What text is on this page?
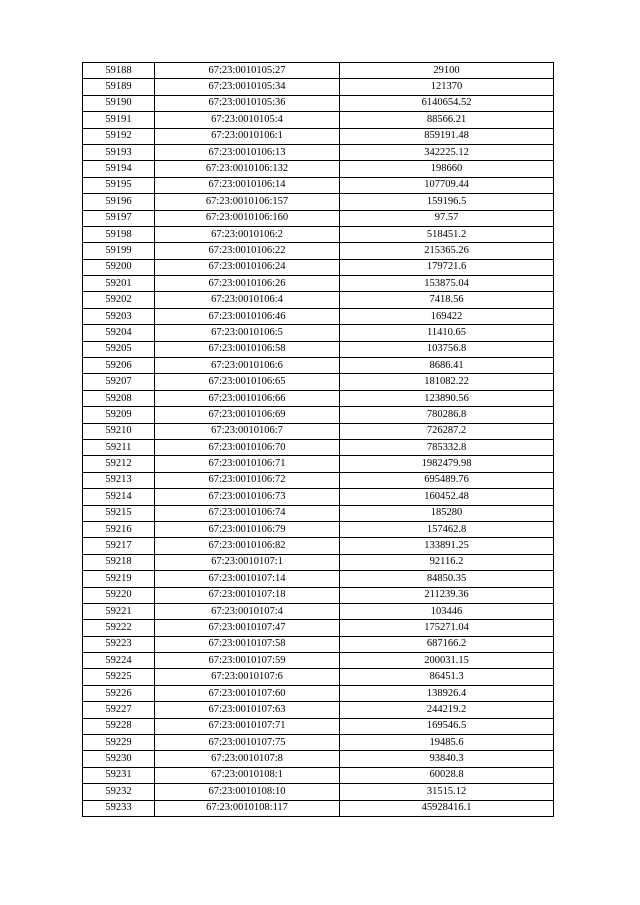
59188	67:23:0010105:27	29100
59189	67:23:0010105:34	121370
59190	67:23:0010105:36	6140654.52
59191	67:23:0010105:4	88566.21
59192	67:23:0010106:1	859191.48
59193	67:23:0010106:13	342225.12
59194	67:23:0010106:132	198660
59195	67:23:0010106:14	107709.44
59196	67:23:0010106:157	159196.5
59197	67:23:0010106:160	97.57
59198	67:23:0010106:2	518451.2
59199	67:23:0010106:22	215365.26
59200	67:23:0010106:24	179721.6
59201	67:23:0010106:26	153875.04
59202	67:23:0010106:4	7418.56
59203	67:23:0010106:46	169422
59204	67:23:0010106:5	11410.65
59205	67:23:0010106:58	103756.8
59206	67:23:0010106:6	8686.41
59207	67:23:0010106:65	181082.22
59208	67:23:0010106:66	123890.56
59209	67:23:0010106:69	780286.8
59210	67:23:0010106:7	726287.2
59211	67:23:0010106:70	785332.8
59212	67:23:0010106:71	1982479.98
59213	67:23:0010106:72	695489.76
59214	67:23:0010106:73	160452.48
59215	67:23:0010106:74	185280
59216	67:23:0010106:79	157462.8
59217	67:23:0010106:82	133891.25
59218	67:23:0010107:1	92116.2
59219	67:23:0010107:14	84850.35
59220	67:23:0010107:18	211239.36
59221	67:23:0010107:4	103446
59222	67:23:0010107:47	175271.04
59223	67:23:0010107:58	687166.2
59224	67:23:0010107:59	200031.15
59225	67:23:0010107:6	86451.3
59226	67:23:0010107:60	138926.4
59227	67:23:0010107:63	244219.2
59228	67:23:0010107:71	169546.5
59229	67:23:0010107:75	19485.6
59230	67:23:0010107:8	93840.3
59231	67:23:0010108:1	60028.8
59232	67:23:0010108:10	31515.12
59233	67:23:0010108:117	45928416.1
